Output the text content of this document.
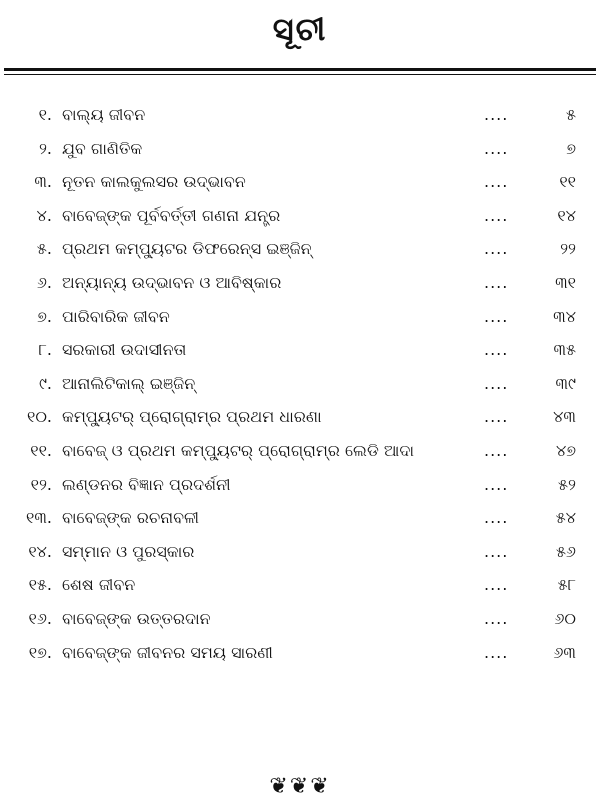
ସୂଚୀ
୧. ବାଲ୍ୟ ଜୀବନ	....	୫
୨. ଯୁବ ଗାଣିତିକ	....	୭
୩. ନୂତନ କାଲକୁଲସର ଉଦ୍ଭାବନ	....	୧୧
୪. ବାବେଜ୍ଙ୍କ ପୂର୍ବବର୍ତ୍ତୀ ଗଣନା ଯନ୍ତ୍ର	....	୧୪
୫. ପ୍ରଥମ କମ୍ପ୍ୟୁଟର ଡିଫରେନ୍ସ ଇଞ୍ଜିନ୍	....	୨୨
୬. ଅନ୍ୟାନ୍ୟ ଉଦ୍ଭାବନ ଓ ଆବିଷ୍କାର	....	୩୧
୭. ପାରିବାରିକ ଜୀବନ	....	୩୪
୮. ସରକାରୀ ଉଦାସୀନତା	....	୩୫
୯. ଆନାଲିଟିକାଲ୍ ଇଞ୍ଜିନ୍	....	୩୯
୧୦. କମ୍ପ୍ୟୁଟର୍ ପ୍ରୋଗ୍ରାମ୍ର ପ୍ରଥମ ଧାରଣା	....	୪୩
୧୧. ବାବେଜ୍ ଓ ପ୍ରଥମ କମ୍ପ୍ୟୁଟର୍ ପ୍ରୋଗ୍ରାମ୍ର ଲେଡି ଆଦା	....	୪୭
୧୨. ଲଣ୍ଡନର ବିଜ୍ଞାନ ପ୍ରଦର୍ଶନୀ	....	୫୨
୧୩. ବାବେଜ୍ଙ୍କ ରଚନାବଳୀ	....	୫୪
୧୪. ସମ୍ମାନ ଓ ପୁରସ୍କାର	....	୫୬
୧୫. ଶେଷ ଜୀବନ	....	୫୮
୧୬. ବାବେଜ୍ଙ୍କ ଉତ୍ତରଦାନ	....	୬୦
୧୭. ବାବେଜ୍ଙ୍କ ଜୀବନର ସମୟ ସାରଣୀ	....	୬୩
❦❦❦
